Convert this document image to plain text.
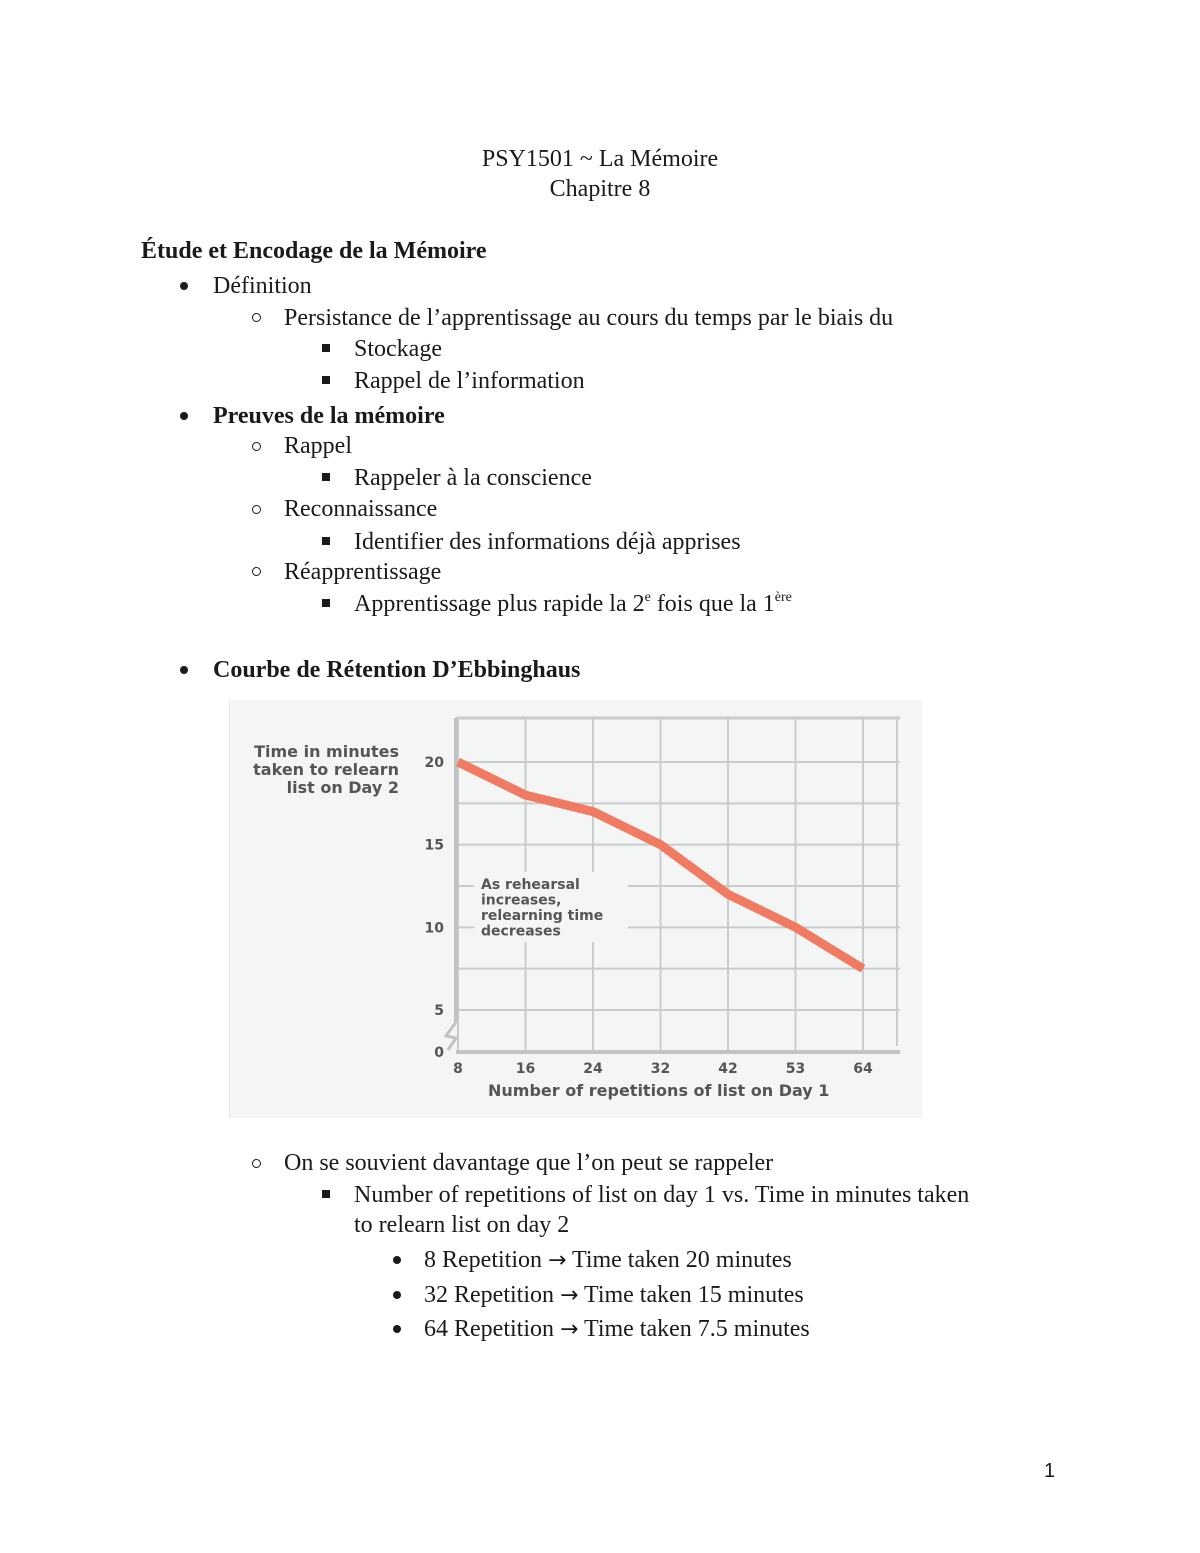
PSY1501 ~ La Mémoire
Chapitre 8
Étude et Encodage de la Mémoire
Définition
Persistance de l’apprentissage au cours du temps par le biais du
Stockage
Rappel de l’information
Preuves de la mémoire
Rappel
Rappeler à la conscience
Reconnaissance
Identifier des informations déjà apprises
Réapprentissage
Apprentissage plus rapide la 2e fois que la 1ère
Courbe de Rétention D’Ebbinghaus
0
5
10
15
20
8	16	24	32	42	53	64
Time in minutes
taken to relearn
list on Day 2
Number of repetitions of list on Day 1
As rehearsal
increases,
relearning time
decreases
On se souvient davantage que l’on peut se rappeler
Number of repetitions of list on day 1 vs. Time in minutes taken
to relearn list on day 2
8 Repetition → Time taken 20 minutes
32 Repetition → Time taken 15 minutes
64 Repetition → Time taken 7.5 minutes
1
